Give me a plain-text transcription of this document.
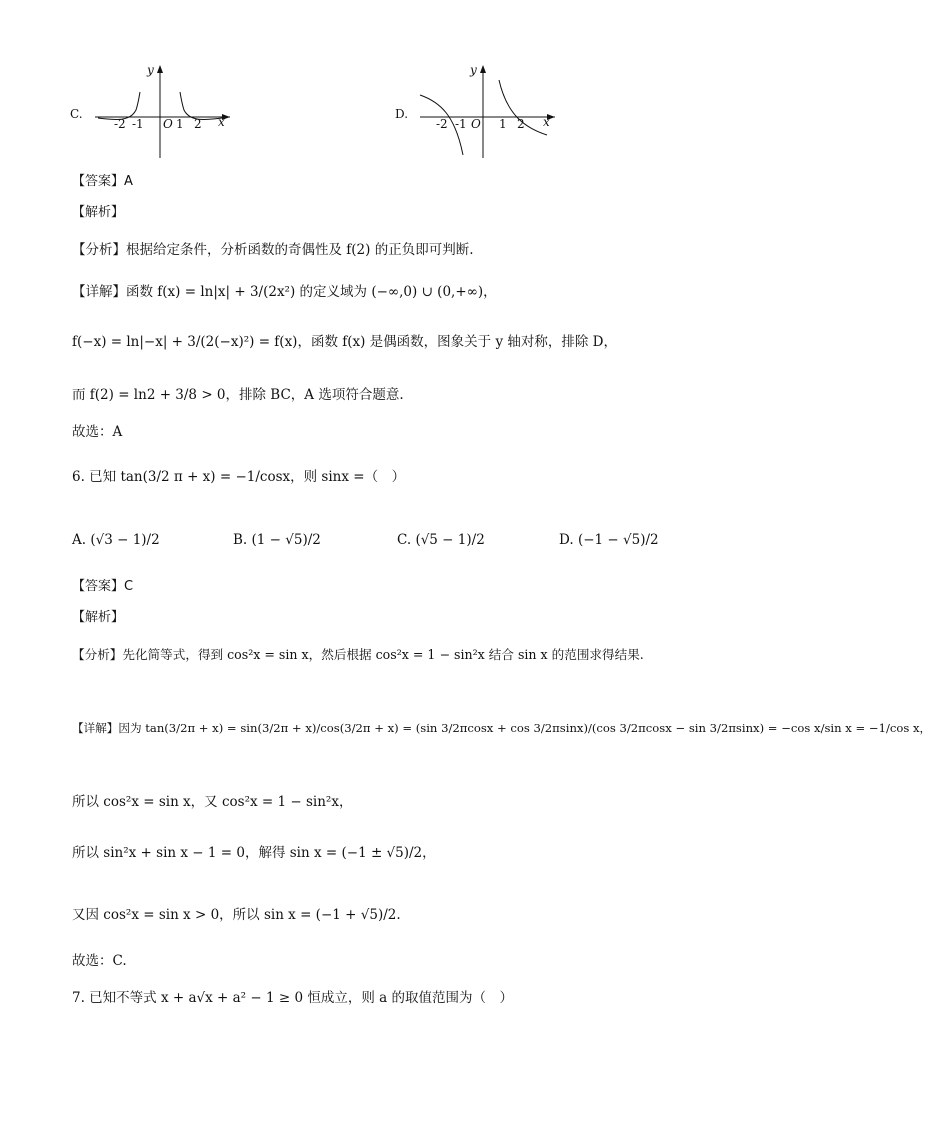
C.
y
x
-2 -1 O 1 2
D.
y
x
-2 -1 O 1 2
【答案】A
【解析】
【分析】根据给定条件，分析函数的奇偶性及 f(2) 的正负即可判断.
【详解】函数 f(x) = ln|x| + 3/(2x²) 的定义域为 (−∞,0) ∪ (0,+∞)，
f(−x) = ln|−x| + 3/(2(−x)²) = f(x)，函数 f(x) 是偶函数，图象关于 y 轴对称，排除 D，
而 f(2) = ln2 + 3/8 > 0，排除 BC，A 选项符合题意.
故选：A
6. 已知 tan(3/2 π + x) = −1/cosx，则 sinx =（　）
A. (√3 − 1)/2	B. (1 − √5)/2	C. (√5 − 1)/2	D. (−1 − √5)/2
【答案】C
【解析】
【分析】先化简等式，得到 cos²x = sin x，然后根据 cos²x = 1 − sin²x 结合 sin x 的范围求得结果.
【详解】因为 tan(3/2π + x) = sin(3/2π + x)/cos(3/2π + x) = (sin 3/2πcosx + cos 3/2πsinx)/(cos 3/2πcosx − sin 3/2πsinx) = −cos x/sin x = −1/cos x，
所以 cos²x = sin x，又 cos²x = 1 − sin²x，
所以 sin²x + sin x − 1 = 0，解得 sin x = (−1 ± √5)/2，
又因 cos²x = sin x > 0，所以 sin x = (−1 + √5)/2.
故选：C.
7. 已知不等式 x + a√x + a² − 1 ≥ 0 恒成立，则 a 的取值范围为（　）
